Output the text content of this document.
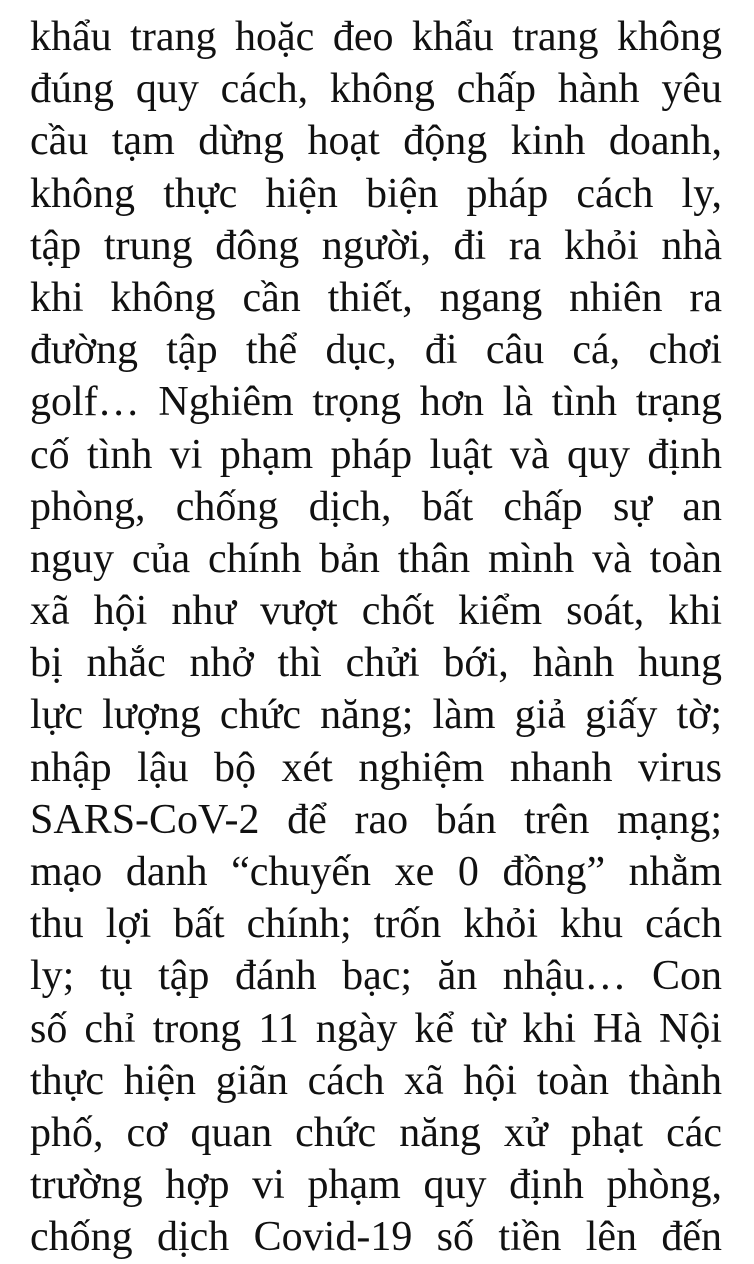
khẩu trang hoặc đeo khẩu trang không
đúng quy cách, không chấp hành yêu
cầu tạm dừng hoạt động kinh doanh,
không thực hiện biện pháp cách ly,
tập trung đông người, đi ra khỏi nhà
khi không cần thiết, ngang nhiên ra
đường tập thể dục, đi câu cá, chơi
golf… Nghiêm trọng hơn là tình trạng
cố tình vi phạm pháp luật và quy định
phòng, chống dịch, bất chấp sự an
nguy của chính bản thân mình và toàn
xã hội như vượt chốt kiểm soát, khi
bị nhắc nhở thì chửi bới, hành hung
lực lượng chức năng; làm giả giấy tờ;
nhập lậu bộ xét nghiệm nhanh virus
SARS-CoV-2 để rao bán trên mạng;
mạo danh “chuyến xe 0 đồng” nhằm
thu lợi bất chính; trốn khỏi khu cách
ly; tụ tập đánh bạc; ăn nhậu… Con
số chỉ trong 11 ngày kể từ khi Hà Nội
thực hiện giãn cách xã hội toàn thành
phố, cơ quan chức năng xử phạt các
trường hợp vi phạm quy định phòng,
chống dịch Covid-19 số tiền lên đến
